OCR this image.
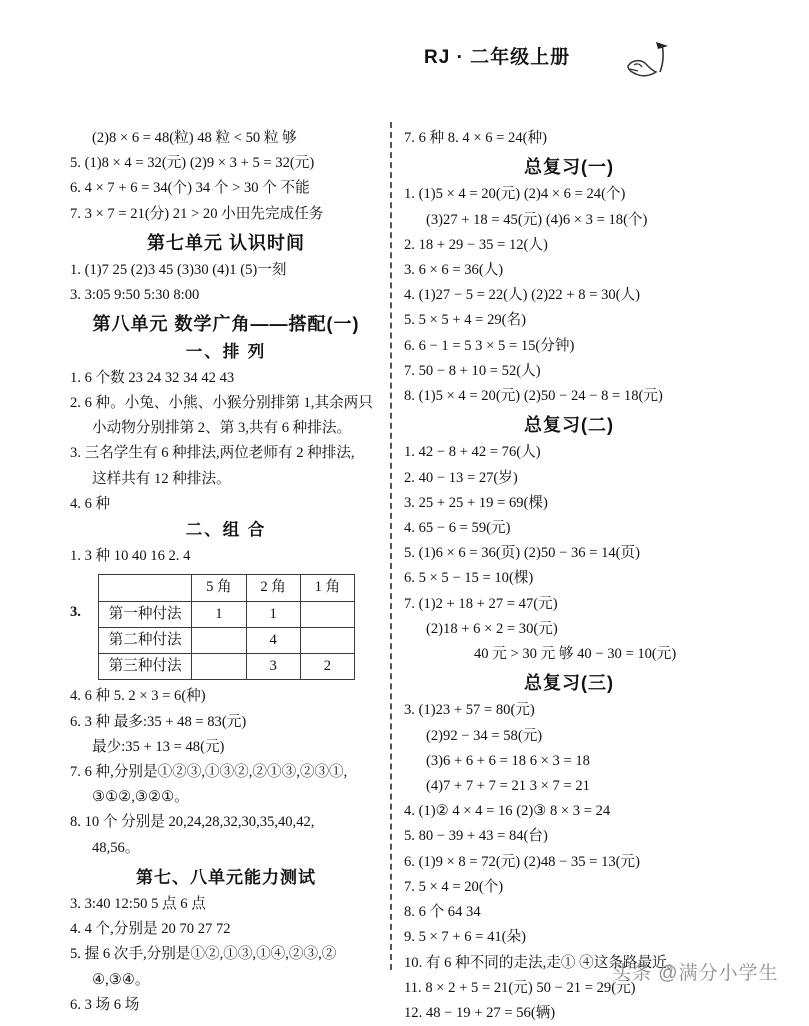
RJ · 二年级上册
(2)8 × 6 = 48(粒) 48 粒 < 50 粒 够
5. (1)8 × 4 = 32(元) (2)9 × 3 + 5 = 32(元)
6. 4 × 7 + 6 = 34(个) 34 个 > 30 个 不能
7. 3 × 7 = 21(分) 21 > 20 小田先完成任务
第七单元 认识时间
1. (1)7 25 (2)3 45 (3)30 (4)1 (5)一刻
3. 3:05 9:50 5:30 8:00
第八单元 数学广角——搭配(一)
一、排 列
1. 6 个数 23 24 32 34 42 43
2. 6 种。小兔、小熊、小猴分别排第 1,其余两只
小动物分别排第 2、第 3,共有 6 种排法。
3. 三名学生有 6 种排法,两位老师有 2 种排法,
这样共有 12 种排法。
4. 6 种
二、组 合
1. 3 种 10 40 16 2. 4
3.
	5 角	2 角	1 角
第一种付法	1	1	
第二种付法		4	
第三种付法		3	2
4. 6 种 5. 2 × 3 = 6(种)
6. 3 种 最多:35 + 48 = 83(元)
最少:35 + 13 = 48(元)
7. 6 种,分别是①②③,①③②,②①③,②③①,
③①②,③②①。
8. 10 个 分别是 20,24,28,32,30,35,40,42,
48,56。
第七、八单元能力测试
3. 3:40 12:50 5 点 6 点
4. 4 个,分别是 20 70 27 72
5. 握 6 次手,分别是①②,①③,①④,②③,②
④,③④。
6. 3 场 6 场
7. 6 种 8. 4 × 6 = 24(种)
总复习(一)
1. (1)5 × 4 = 20(元) (2)4 × 6 = 24(个)
(3)27 + 18 = 45(元) (4)6 × 3 = 18(个)
2. 18 + 29 − 35 = 12(人)
3. 6 × 6 = 36(人)
4. (1)27 − 5 = 22(人) (2)22 + 8 = 30(人)
5. 5 × 5 + 4 = 29(名)
6. 6 − 1 = 5 3 × 5 = 15(分钟)
7. 50 − 8 + 10 = 52(人)
8. (1)5 × 4 = 20(元) (2)50 − 24 − 8 = 18(元)
总复习(二)
1. 42 − 8 + 42 = 76(人)
2. 40 − 13 = 27(岁)
3. 25 + 25 + 19 = 69(棵)
4. 65 − 6 = 59(元)
5. (1)6 × 6 = 36(页) (2)50 − 36 = 14(页)
6. 5 × 5 − 15 = 10(棵)
7. (1)2 + 18 + 27 = 47(元)
(2)18 + 6 × 2 = 30(元)
40 元 > 30 元 够 40 − 30 = 10(元)
总复习(三)
3. (1)23 + 57 = 80(元)
(2)92 − 34 = 58(元)
(3)6 + 6 + 6 = 18 6 × 3 = 18
(4)7 + 7 + 7 = 21 3 × 7 = 21
4. (1)② 4 × 4 = 16 (2)③ 8 × 3 = 24
5. 80 − 39 + 43 = 84(台)
6. (1)9 × 8 = 72(元) (2)48 − 35 = 13(元)
7. 5 × 4 = 20(个)
8. 6 个 64 34
9. 5 × 7 + 6 = 41(朵)
10. 有 6 种不同的走法,走① ④这条路最近。
11. 8 × 2 + 5 = 21(元) 50 − 21 = 29(元)
12. 48 − 19 + 27 = 56(辆)
头条 @满分小学生
